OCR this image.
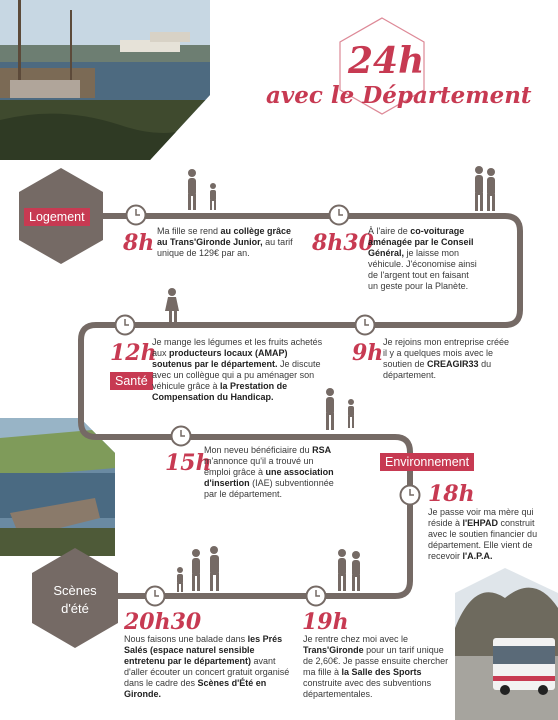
24h
avec le Département
Logement
Santé
Environnement
Scènes
d'été
8h	8h30
12h	9h
15h
18h
20h30	19h
Ma fille se rend au collège grâce au Trans'Gironde Junior, au tarif unique de 129€ par an.
À l'aire de co-voiturage aménagée par le Conseil Général, je laisse mon véhicule. J'économise ainsi de l'argent tout en faisant un geste pour la Planète.
Je mange les légumes et les fruits achetés aux producteurs locaux (AMAP) soutenus par le département. Je discute avec un collègue qui a pu aménager son véhicule grâce à la Prestation de Compensation du Handicap.
Je rejoins mon entreprise créée il y a quelques mois avec le soutien de CREAGIR33 du département.
Mon neveu bénéficiaire du RSA m'annonce qu'il a trouvé un emploi grâce à une association d'insertion (IAE) subventionnée par le département.
Je passe voir ma mère qui réside à l'EHPAD construit avec le soutien financier du département. Elle vient de recevoir l'A.P.A.
Nous faisons une balade dans les Prés Salés (espace naturel sensible entretenu par le département) avant d'aller écouter un concert gratuit organisé dans le cadre des Scènes d'Été en Gironde.
Je rentre chez moi avec le Trans'Gironde pour un tarif unique de 2,60€. Je passe ensuite chercher ma fille à la Salle des Sports construite avec des subventions départementales.
